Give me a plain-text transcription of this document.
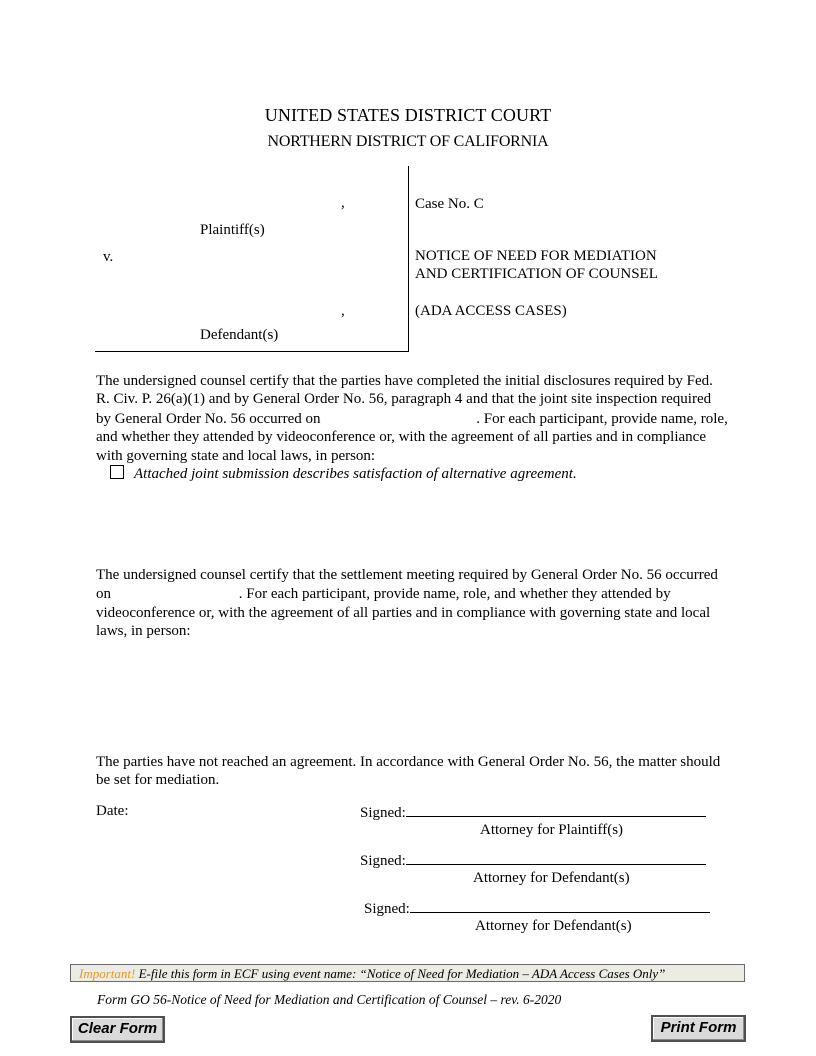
UNITED STATES DISTRICT COURT
NORTHERN DISTRICT OF CALIFORNIA
,
Plaintiff(s)
v.
,
Defendant(s)
Case No. C
NOTICE OF NEED FOR MEDIATION
AND CERTIFICATION OF COUNSEL
(ADA ACCESS CASES)
The undersigned counsel certify that the parties have completed the initial disclosures required by Fed. R. Civ. P. 26(a)(1) and by General Order No. 56, paragraph 4 and that the joint site inspection required by General Order No. 56 occurred on	. For each participant, provide name, role, and whether they attended by videoconference or, with the agreement of all parties and in compliance with governing state and local laws, in person:
Attached joint submission describes satisfaction of alternative agreement.
The undersigned counsel certify that the settlement meeting required by General Order No. 56 occurred on	. For each participant, provide name, role, and whether they attended by videoconference or, with the agreement of all parties and in compliance with governing state and local laws, in person:
The parties have not reached an agreement. In accordance with General Order No. 56, the matter should be set for mediation.
Date:	Signed:
Attorney for Plaintiff(s)
Signed:
Attorney for Defendant(s)
Signed:
Attorney for Defendant(s)
Important! E-file this form in ECF using event name: “Notice of Need for Mediation – ADA Access Cases Only”
Form GO 56-Notice of Need for Mediation and Certification of Counsel – rev. 6-2020
Clear Form	Print Form
